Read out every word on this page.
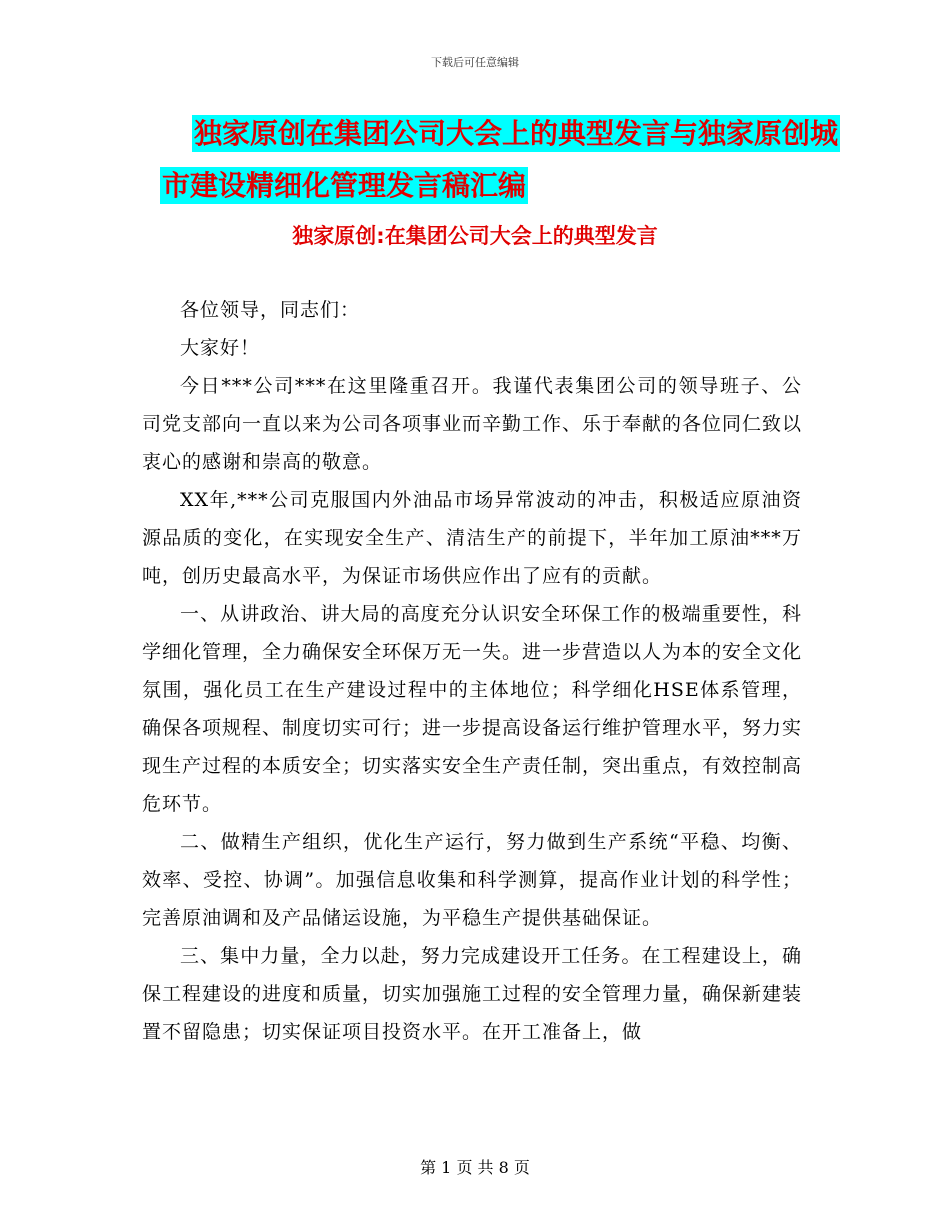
下载后可任意编辑
独家原创在集团公司大会上的典型发言与独家原创城
市建设精细化管理发言稿汇编
独家原创:在集团公司大会上的典型发言

各位领导，同志们：

大家好！

今日***公司***在这里隆重召开。我谨代表集团公司的领导班子、公司党支部向一直以来为公司各项事业而辛勤工作、乐于奉献的各位同仁致以衷心的感谢和崇高的敬意。

XX年,***公司克服国内外油品市场异常波动的冲击，积极适应原油资源品质的变化，在实现安全生产、清洁生产的前提下，半年加工原油***万吨，创历史最高水平，为保证市场供应作出了应有的贡献。

一、从讲政治、讲大局的高度充分认识安全环保工作的极端重要性，科学细化管理，全力确保安全环保万无一失。进一步营造以人为本的安全文化氛围，强化员工在生产建设过程中的主体地位；科学细化HSE体系管理，确保各项规程、制度切实可行；进一步提高设备运行维护管理水平，努力实现生产过程的本质安全；切实落实安全生产责任制，突出重点，有效控制高危环节。

二、做精生产组织，优化生产运行，努力做到生产系统“平稳、均衡、效率、受控、协调”。加强信息收集和科学测算，提高作业计划的科学性；完善原油调和及产品储运设施，为平稳生产提供基础保证。

三、集中力量，全力以赴，努力完成建设开工任务。在工程建设上，确保工程建设的进度和质量，切实加强施工过程的安全管理力量，确保新建装置不留隐患；切实保证项目投资水平。在开工准备上，做

第 1 页 共 8 页
